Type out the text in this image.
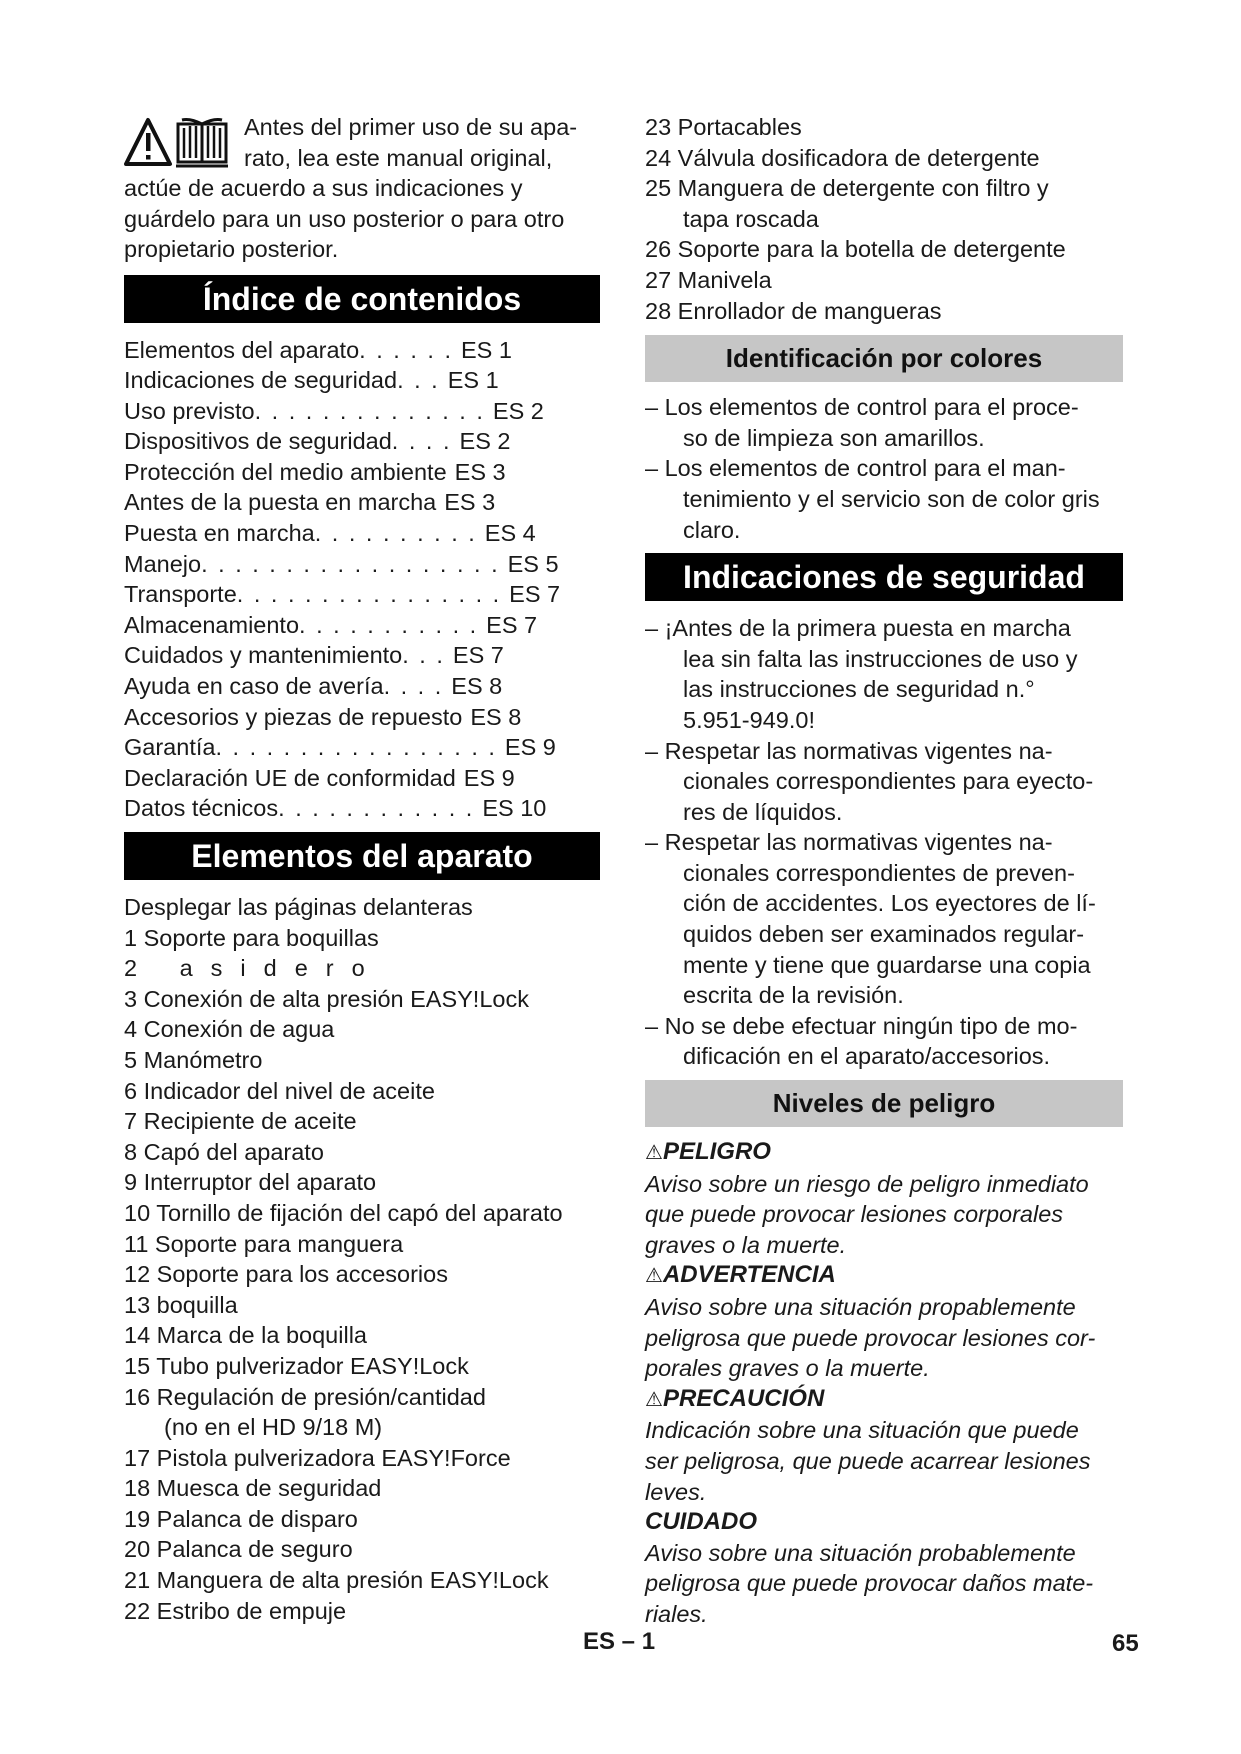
Antes del primer uso de su apa-
rato, lea este manual original,
actúe de acuerdo a sus indicaciones y
guárdelo para un uso posterior o para otro
propietario posterior.
Índice de contenidos
Elementos del aparato . . . . . . ES 1
Indicaciones de seguridad . . . ES 1
Uso previsto . . . . . . . . . . . . . . ES 2
Dispositivos de seguridad . . . . ES 2
Protección del medio ambiente ES 3
Antes de la puesta en marcha ES 3
Puesta en marcha . . . . . . . . . . ES 4
Manejo . . . . . . . . . . . . . . . . . . ES 5
Transporte . . . . . . . . . . . . . . . . ES 7
Almacenamiento . . . . . . . . . . . ES 7
Cuidados y mantenimiento . . . ES 7
Ayuda en caso de avería . . . . ES 8
Accesorios y piezas de repuesto ES 8
Garantía . . . . . . . . . . . . . . . . . ES 9
Declaración UE de conformidad ES 9
Datos técnicos . . . . . . . . . . . . ES 10
Elementos del aparato
Desplegar las páginas delanteras
1 Soporte para boquillas
2 asidero
3 Conexión de alta presión EASY!Lock
4 Conexión de agua
5 Manómetro
6 Indicador del nivel de aceite
7 Recipiente de aceite
8 Capó del aparato
9 Interruptor del aparato
10 Tornillo de fijación del capó del aparato
11 Soporte para manguera
12 Soporte para los accesorios
13 boquilla
14 Marca de la boquilla
15 Tubo pulverizador EASY!Lock
16 Regulación de presión/cantidad
(no en el HD 9/18 M)
17 Pistola pulverizadora EASY!Force
18 Muesca de seguridad
19 Palanca de disparo
20 Palanca de seguro
21 Manguera de alta presión EASY!Lock
22 Estribo de empuje
23 Portacables
24 Válvula dosificadora de detergente
25 Manguera de detergente con filtro y
tapa roscada
26 Soporte para la botella de detergente
27 Manivela
28 Enrollador de mangueras
Identificación por colores
– Los elementos de control para el proce-
so de limpieza son amarillos.
– Los elementos de control para el man-
tenimiento y el servicio son de color gris
claro.
Indicaciones de seguridad
– ¡Antes de la primera puesta en marcha
lea sin falta las instrucciones de uso y
las instrucciones de seguridad n.°
5.951-949.0!
– Respetar las normativas vigentes na-
cionales correspondientes para eyecto-
res de líquidos.
– Respetar las normativas vigentes na-
cionales correspondientes de preven-
ción de accidentes. Los eyectores de lí-
quidos deben ser examinados regular-
mente y tiene que guardarse una copia
escrita de la revisión.
– No se debe efectuar ningún tipo de mo-
dificación en el aparato/accesorios.
Niveles de peligro
⚠PELIGRO
Aviso sobre un riesgo de peligro inmediato
que puede provocar lesiones corporales
graves o la muerte.
⚠ADVERTENCIA
Aviso sobre una situación propablemente
peligrosa que puede provocar lesiones cor-
porales graves o la muerte.
⚠PRECAUCIÓN
Indicación sobre una situación que puede
ser peligrosa, que puede acarrear lesiones
leves.
CUIDADO
Aviso sobre una situación probablemente
peligrosa que puede provocar daños mate-
riales.
ES – 1	65
